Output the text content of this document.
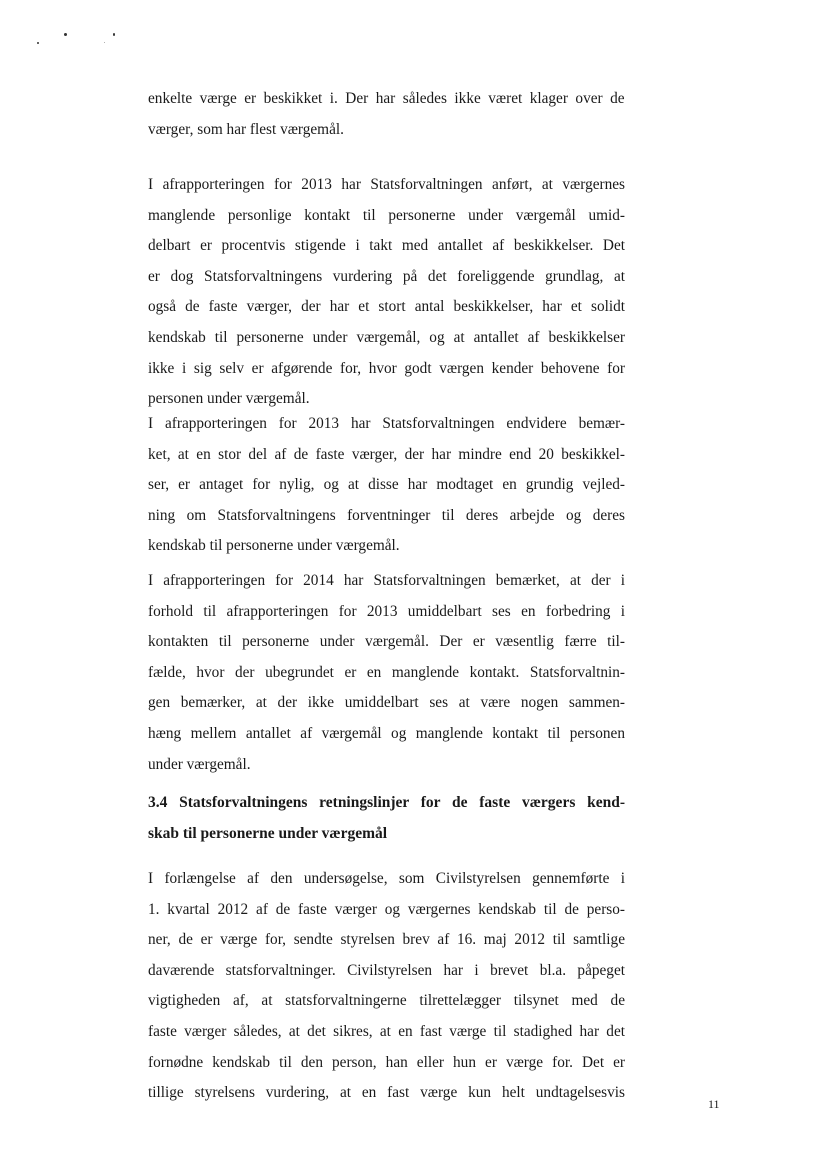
enkelte værge er beskikket i. Der har således ikke været klager over de
værger, som har flest værgemål.
I afrapporteringen for 2013 har Statsforvaltningen anført, at værgernes
manglende personlige kontakt til personerne under værgemål umid-
delbart er procentvis stigende i takt med antallet af beskikkelser. Det
er dog Statsforvaltningens vurdering på det foreliggende grundlag, at
også de faste værger, der har et stort antal beskikkelser, har et solidt
kendskab til personerne under værgemål, og at antallet af beskikkelser
ikke i sig selv er afgørende for, hvor godt værgen kender behovene for
personen under værgemål.
I afrapporteringen for 2013 har Statsforvaltningen endvidere bemær-
ket, at en stor del af de faste værger, der har mindre end 20 beskikkel-
ser, er antaget for nylig, og at disse har modtaget en grundig vejled-
ning om Statsforvaltningens forventninger til deres arbejde og deres
kendskab til personerne under værgemål.
I afrapporteringen for 2014 har Statsforvaltningen bemærket, at der i
forhold til afrapporteringen for 2013 umiddelbart ses en forbedring i
kontakten til personerne under værgemål. Der er væsentlig færre til-
fælde, hvor der ubegrundet er en manglende kontakt. Statsforvaltnin-
gen bemærker, at der ikke umiddelbart ses at være nogen sammen-
hæng mellem antallet af værgemål og manglende kontakt til personen
under værgemål.
3.4 Statsforvaltningens retningslinjer for de faste værgers kend-
skab til personerne under værgemål
I forlængelse af den undersøgelse, som Civilstyrelsen gennemførte i
1. kvartal 2012 af de faste værger og værgernes kendskab til de perso-
ner, de er værge for, sendte styrelsen brev af 16. maj 2012 til samtlige
daværende statsforvaltninger. Civilstyrelsen har i brevet bl.a. påpeget
vigtigheden af, at statsforvaltningerne tilrettelægger tilsynet med de
faste værger således, at det sikres, at en fast værge til stadighed har det
fornødne kendskab til den person, han eller hun er værge for. Det er
tillige styrelsens vurdering, at en fast værge kun helt undtagelsesvis
11
